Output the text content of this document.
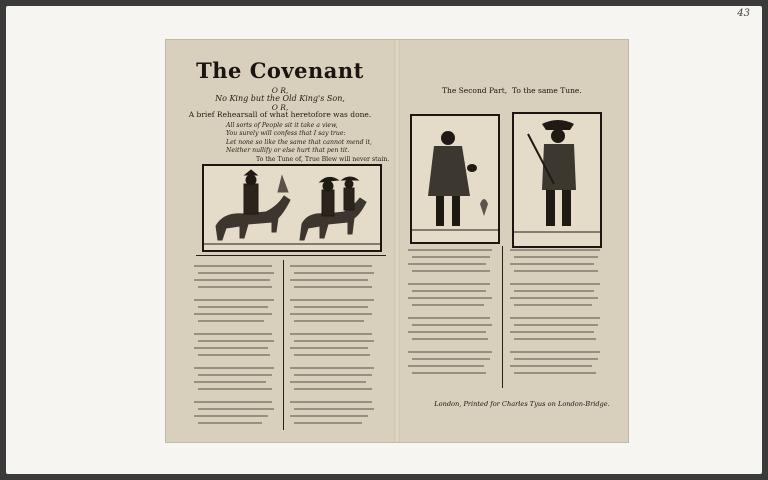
43
The Covenant
O R,
No King but the Old King's Son,
O R,
A brief Rehearsall of what heretofore was done.
All sorts of People sit it take a view,
You surely will confess that I say true:
Let none so like the same that cannot mend it,
Neither nullify or else hurt that pen tit.
To the Tune of, True Blew will never stain.
The Second Part, To the same Tune.
London, Printed for Charles Tyus on London-Bridge.
